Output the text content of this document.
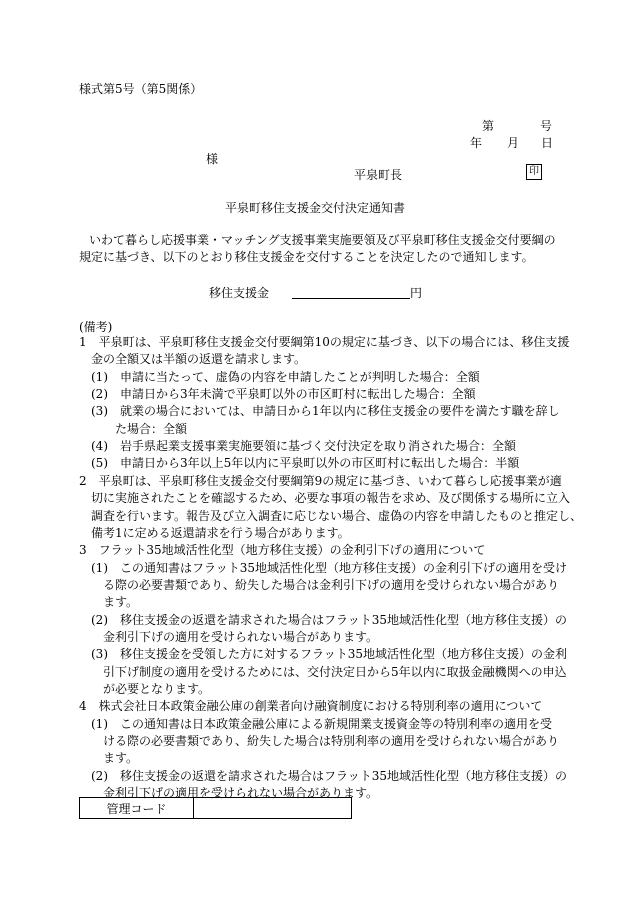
様式第5号（第5関係）
第	号
年 月 日
様
平泉町長	印
平泉町移住支援金交付決定通知書
いわて暮らし応援事業・マッチング支援事業実施要領及び平泉町移住支援金交付要綱の
規定に基づき、以下のとおり移住支援金を交付することを決定したので通知します。
移住支援金	円
(備考)
1　平泉町は、平泉町移住支援金交付要綱第10の規定に基づき、以下の場合には、移住支援
　金の全額又は半額の返還を請求します。
　(1)　申請に当たって、虚偽の内容を申請したことが判明した場合：全額
　(2)　申請日から3年未満で平泉町以外の市区町村に転出した場合：全額
　(3)　就業の場合においては、申請日から1年以内に移住支援金の要件を満たす職を辞し
　　　た場合：全額
　(4)　岩手県起業支援事業実施要領に基づく交付決定を取り消された場合：全額
　(5)　申請日から3年以上5年以内に平泉町以外の市区町村に転出した場合：半額
2　平泉町は、平泉町移住支援金交付要綱第9の規定に基づき、いわて暮らし応援事業が適
　切に実施されたことを確認するため、必要な事項の報告を求め、及び関係する場所に立入
　調査を行います。報告及び立入調査に応じない場合、虚偽の内容を申請したものと推定し、
　備考1に定める返還請求を行う場合があります。
3　フラット35地域活性化型（地方移住支援）の金利引下げの適用について
　(1)　この通知書はフラット35地域活性化型（地方移住支援）の金利引下げの適用を受け
　　る際の必要書類であり、紛失した場合は金利引下げの適用を受けられない場合があり
　　ます。
　(2)　移住支援金の返還を請求された場合はフラット35地域活性化型（地方移住支援）の
　　金利引下げの適用を受けられない場合があります。
　(3)　移住支援金を受領した方に対するフラット35地域活性化型（地方移住支援）の金利
　　引下げ制度の適用を受けるためには、交付決定日から5年以内に取扱金融機関への申込
　　が必要となります。
4　株式会社日本政策金融公庫の創業者向け融資制度における特別利率の適用について
　(1)　この通知書は日本政策金融公庫による新規開業支援資金等の特別利率の適用を受
　　ける際の必要書類であり、紛失した場合は特別利率の適用を受けられない場合があり
　　ます。
　(2)　移住支援金の返還を請求された場合はフラット35地域活性化型（地方移住支援）の
　　金利引下げの適用を受けられない場合があります。
管理コード	
